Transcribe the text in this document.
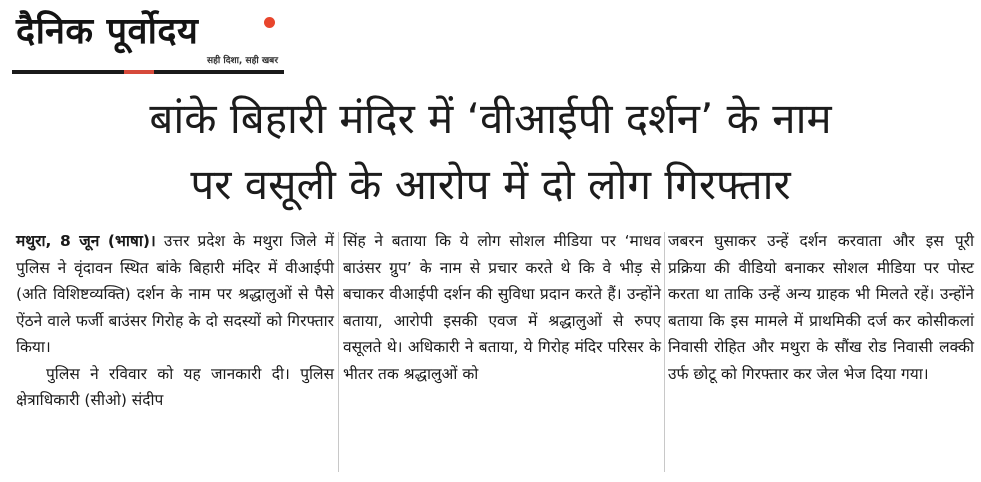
दैनिक पूर्वोदय
सही दिशा, सही खबर
बांके बिहारी मंदिर में ‘वीआईपी दर्शन’ के नाम
पर वसूली के आरोप में दो लोग गिरफ्तार

मथुरा, 8 जून (भाषा)। उत्तर प्रदेश के मथुरा जिले में पुलिस ने वृंदावन स्थित बांके बिहारी मंदिर में वीआईपी (अति विशिष्टव्यक्ति) दर्शन के नाम पर श्रद्धालुओं से पैसे ऐंठने वाले फर्जी बाउंसर गिरोह के दो सदस्यों को गिरफ्तार किया।

पुलिस ने रविवार को यह जानकारी दी। पुलिस क्षेत्राधिकारी (सीओ) संदीप

सिंह ने बताया कि ये लोग सोशल मीडिया पर ‘माधव बाउंसर ग्रुप’ के नाम से प्रचार करते थे कि वे भीड़ से बचाकर वीआईपी दर्शन की सुविधा प्रदान करते हैं। उन्होंने बताया, आरोपी इसकी एवज में श्रद्धालुओं से रुपए वसूलते थे। अधिकारी ने बताया, ये गिरोह मंदिर परिसर के भीतर तक श्रद्धालुओं को

जबरन घुसाकर उन्हें दर्शन करवाता और इस पूरी प्रक्रिया की वीडियो बनाकर सोशल मीडिया पर पोस्ट करता था ताकि उन्हें अन्य ग्राहक भी मिलते रहें। उन्होंने बताया कि इस मामले में प्राथमिकी दर्ज कर कोसीकलां निवासी रोहित और मथुरा के सौंख रोड निवासी लक्की उर्फ छोटू को गिरफ्तार कर जेल भेज दिया गया।
